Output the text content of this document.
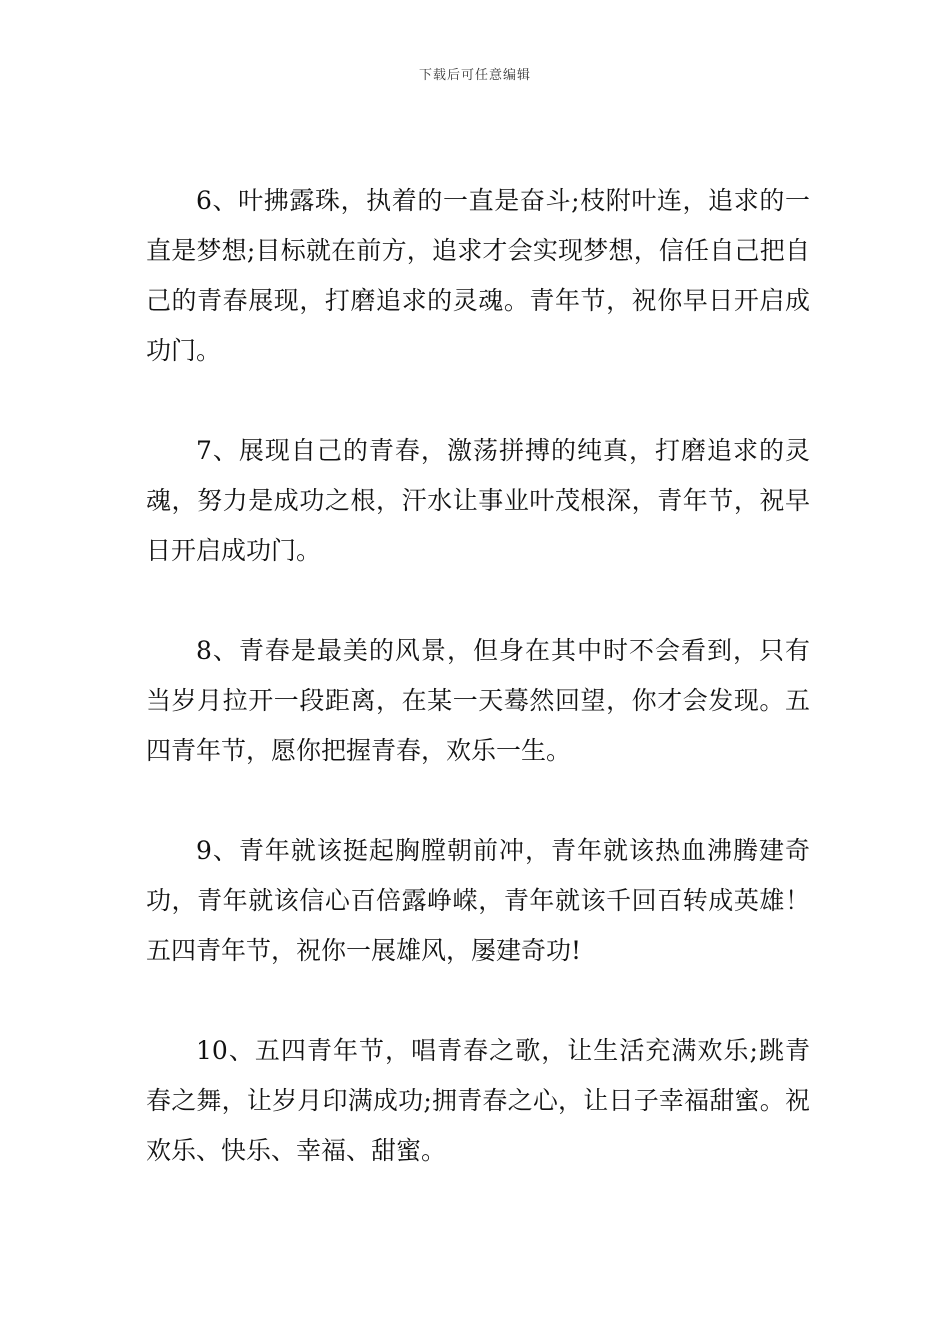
下载后可任意编辑

6、叶拂露珠，执着的一直是奋斗;枝附叶连，追求的一直是梦想;目标就在前方，追求才会实现梦想，信任自己把自己的青春展现，打磨追求的灵魂。青年节，祝你早日开启成功门。

7、展现自己的青春，激荡拼搏的纯真，打磨追求的灵魂，努力是成功之根，汗水让事业叶茂根深，青年节，祝早日开启成功门。

8、青春是最美的风景，但身在其中时不会看到，只有当岁月拉开一段距离，在某一天蓦然回望，你才会发现。五四青年节，愿你把握青春，欢乐一生。

9、青年就该挺起胸膛朝前冲，青年就该热血沸腾建奇功，青年就该信心百倍露峥嵘，青年就该千回百转成英雄！五四青年节，祝你一展雄风，屡建奇功!

10、五四青年节，唱青春之歌，让生活充满欢乐;跳青春之舞，让岁月印满成功;拥青春之心，让日子幸福甜蜜。祝欢乐、快乐、幸福、甜蜜。
